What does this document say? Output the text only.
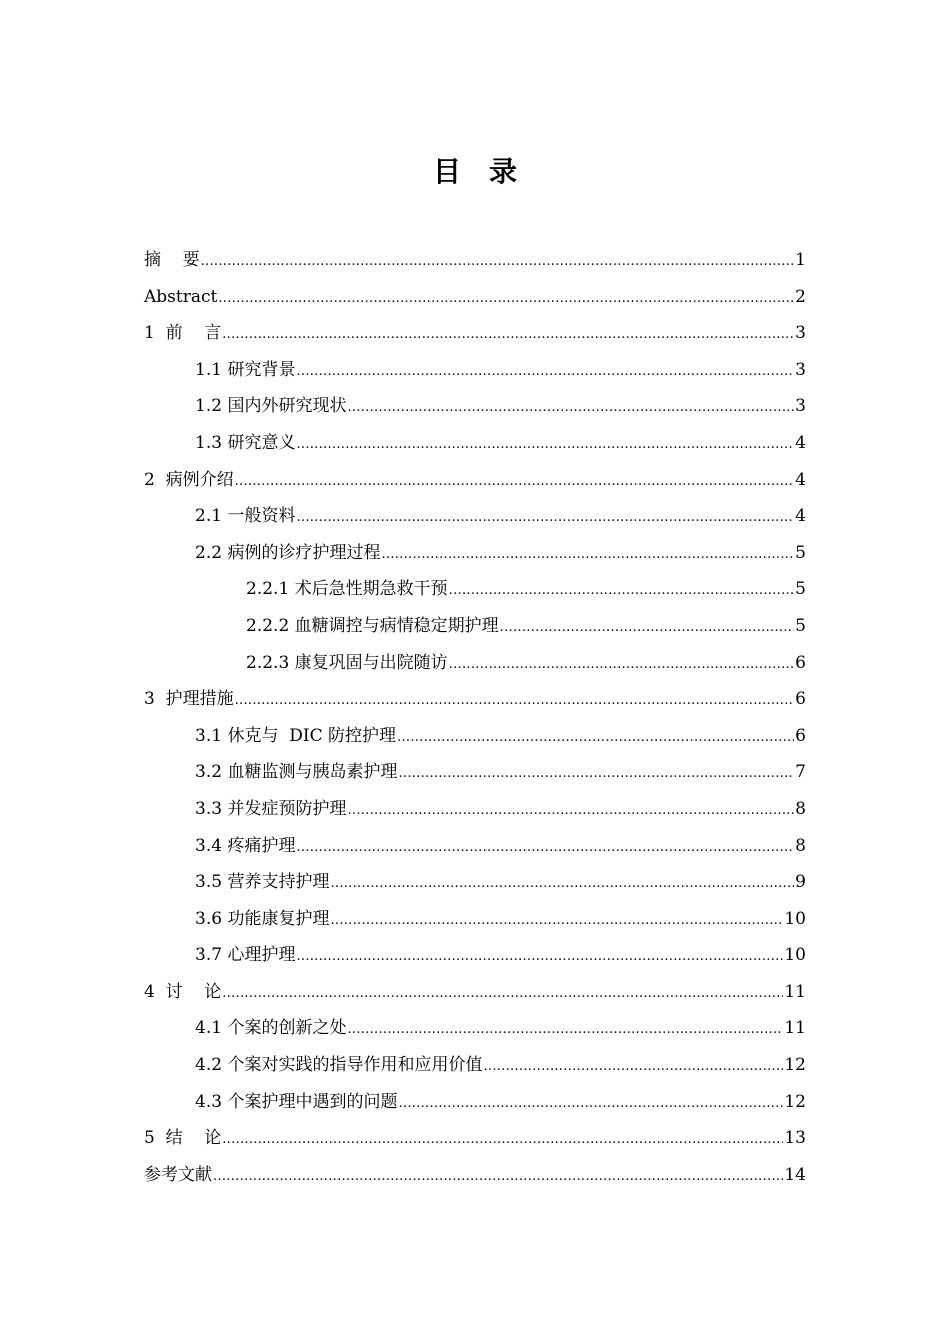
目录
摘    要 .....	1
Abstract .....	2
1  前    言 .....	3
1.1 研究背景 .....	3
1.2 国内外研究现状 .....	3
1.3 研究意义 .....	4
2  病例介绍 .....	4
2.1 一般资料 .....	4
2.2 病例的诊疗护理过程 .....	5
2.2.1 术后急性期急救干预 .....	5
2.2.2 血糖调控与病情稳定期护理 .....	5
2.2.3 康复巩固与出院随访 .....	6
3  护理措施 .....	6
3.1 休克与  DIC 防控护理 .....	6
3.2 血糖监测与胰岛素护理 .....	7
3.3 并发症预防护理 .....	8
3.4 疼痛护理 .....	8
3.5 营养支持护理 .....	9
3.6 功能康复护理 .....	10
3.7 心理护理 .....	10
4  讨    论 .....	11
4.1 个案的创新之处 .....	11
4.2 个案对实践的指导作用和应用价值 .....	12
4.3 个案护理中遇到的问题 .....	12
5  结    论 .....	13
参考文献 .....	14
